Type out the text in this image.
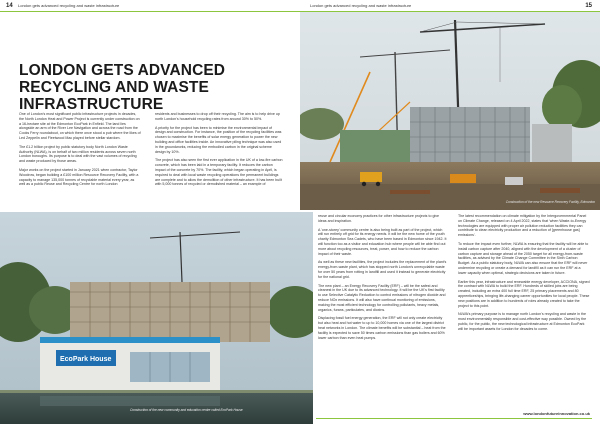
14 London gets advanced recycling and waste infrastructure	London gets advanced recycling and waste infrastructure	15
LONDON GETS ADVANCED RECYCLING AND WASTE INFRASTRUCTURE

One of London's most significant public infrastructure projects in decades, the North London Heat and Power Project is currently under construction on a 16-hectare site at the Edmonton EcoPark in Enfield. The land lies alongside an arm of the River Lee Navigation and across the road from the Cooks Ferry roundabout, on which there once stood a pub where the likes of Led Zeppelin and Fleetwood Mac played before stellar stardom.

The £1.2 billion project by public statutory body North London Waste Authority (NLWA), is on behalf of two million residents across seven north London boroughs. Its purpose is to deal with the vast volumes of recycling and waste produced by those areas.

Major works on the project started in January 2021 when contractor, Taylor Woodrow, began building a £100 million Resource Recovery Facility, with a capacity to manage 135,000 tonnes of recyclable material every year, as well as a public Reuse and Recycling Centre for north London

residents and businesses to drop off their recycling. The aim is to help drive up north London's household recycling rates from around 30% to 50%.

A priority for the project has been to minimise the environmental impact of design and construction. For instance, the position of the recycling facilities was chosen to maximise the benefits of solar energy generation to power the new building and office facilities inside. An innovative piling technique was also used in the groundworks, reducing the embodied carbon in the original scheme design by 10%.

The project has also seen the first ever application in the UK of a low-fire carbon concrete, which has been laid in a temporary facility. It reduces the carbon impact of the concrete by 70%. The facility, which began operating in April, is required to deal with local waste recycling operations the permanent buildings are complete and to allow the demolition of other infrastructure. It has been built with 5,000 tonnes of recycled or demolished material – an example of

Construction of the new Resource Recovery Facility, Edmonton
EcoPark House
Construction of the new community and education centre called EcoPark House

reuse and circular economy practices for other infrastructure projects to give ideas and inspiration.

A 'one-storey' community centre is also being built as part of the project, which will run entirely off grid for its energy needs. It will be the new home of the youth charity Edmonton Sea Cadets, who have been based in Edmonton since 1942. It will function too as a visitor and education hub where people will be able find out more about recycling resources, treat, power, and how to reduce the carbon impact of their waste.

As well as these new facilities, the project includes the replacement of the plant's energy-from-waste plant, which has stopped north London's unrecyclable waste for over 50 years from rotting in landfill and used it instead to generate electricity for the national grid.

The new plant – an Energy Recovery Facility (ERF) – will be the safest and cleanest in the UK due to its advanced technology. It will be the UK's first facility to use Selective Catalytic Reduction to control emissions of nitrogen dioxide and reduce NOx emissions. It will also have continual monitoring of emissions, making the most efficient technology for controlling pollutants, heavy metals, organics, furans, particulates, and dioxins.

Displacing fossil fuel energy generation, the ERF will not only create electricity but also heat and hot water to up to 10,000 homes via one of the largest district heat networks in London. The climate benefits will be substantial – heat from the facility is expected to save 50 times carbon emissions than gas boilers and 60% lower carbon than even heat pumps.

The latest recommendation on climate mitigation by the Intergovernmental Panel on Climate Change, released on 4 April 2022, states that 'when Waste-to-Energy technologies are equipped with proper air pollution reduction facilities they can contribute to clean electricity production and a reduction of [greenhouse gas] emissions'.

To reduce the impact even further, NLWA is ensuring that the facility will be able to install carbon capture after 2040, aligned with the development of a cluster of carbon capture and storage ahead of the 2050 target for all energy-from-waste facilities, as advised by the Climate Change Committee in the Sixth Carbon Budget. As a public statutory body, NLWA can also ensure that the ERF will never undermine recycling or create a demand for landfill as it can run the ERF at a lower capacity when optimal, strategic decisions are taken in future.

Earlier this year, infrastructure and renewable energy developer, ACCIONA, signed the contract with NLWA to build the ERF. Hundreds of skilled jobs are being created, including an extra 400 full time ERF, 25 primary placements and 80 apprenticeships, bringing life-changing career opportunities for local people. These new positions are in addition to hundreds of roles already created to take the project to this point.

NLWA's primary purpose is to manage north London's recycling and waste in the most environmentally responsible and cost-effective way possible. Owned by the public, for the public, the new technological infrastructure at Edmonton EcoPark will be important assets for London for decades to come.

www.londonfutureinnovation.co.uk
